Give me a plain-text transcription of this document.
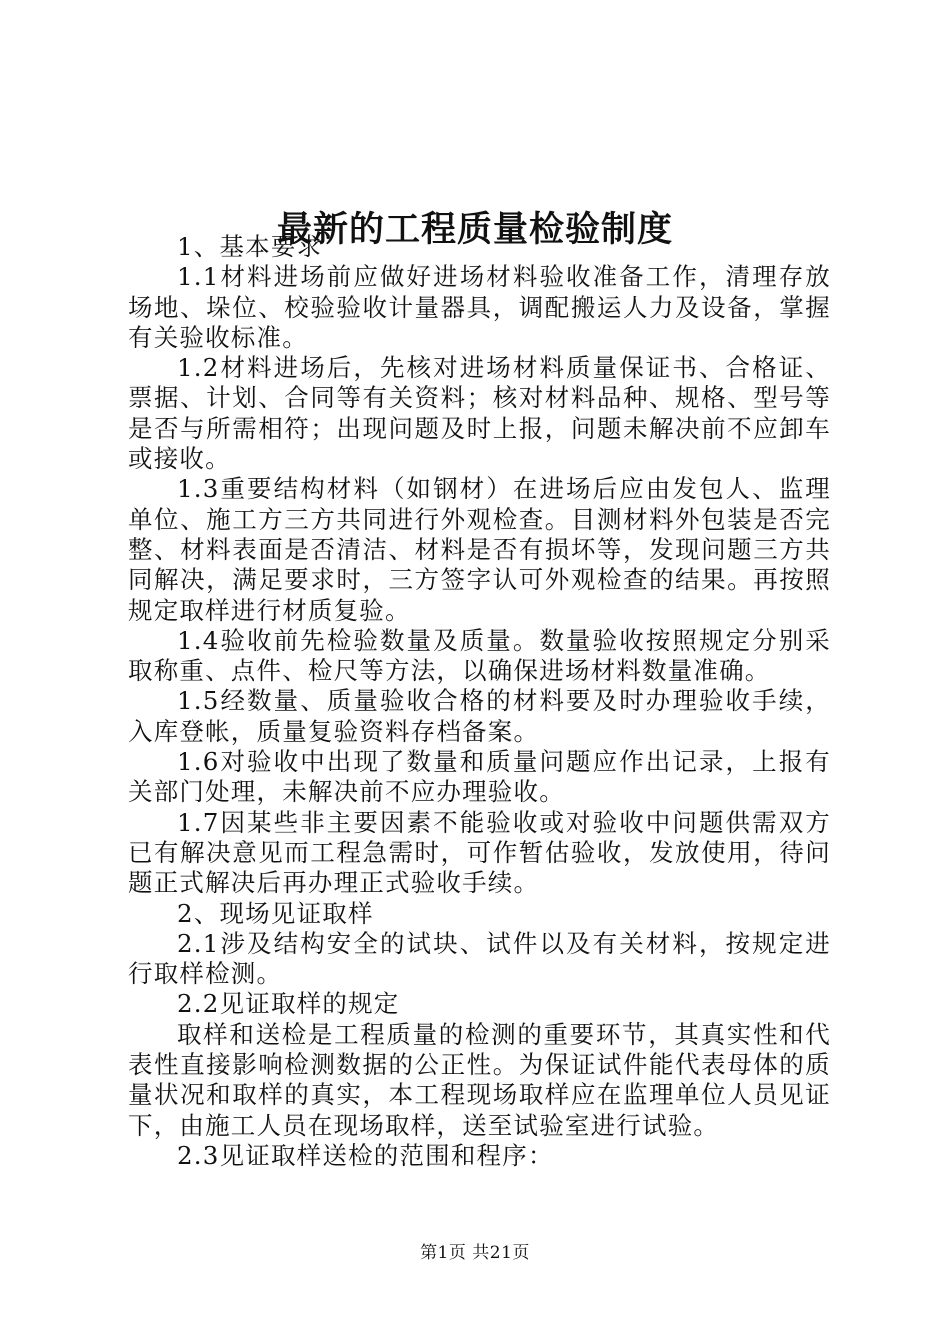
最新的工程质量检验制度

1、基本要求

1.1材料进场前应做好进场材料验收准备工作，清理存放场地、垛位、校验验收计量器具，调配搬运人力及设备，掌握有关验收标准。

1.2材料进场后，先核对进场材料质量保证书、合格证、票据、计划、合同等有关资料；核对材料品种、规格、型号等是否与所需相符；出现问题及时上报，问题未解决前不应卸车或接收。

1.3重要结构材料（如钢材）在进场后应由发包人、监理单位、施工方三方共同进行外观检查。目测材料外包装是否完整、材料表面是否清洁、材料是否有损坏等，发现问题三方共同解决，满足要求时，三方签字认可外观检查的结果。再按照规定取样进行材质复验。

1.4验收前先检验数量及质量。数量验收按照规定分别采取称重、点件、检尺等方法，以确保进场材料数量准确。

1.5经数量、质量验收合格的材料要及时办理验收手续，入库登帐，质量复验资料存档备案。

1.6对验收中出现了数量和质量问题应作出记录，上报有关部门处理，未解决前不应办理验收。

1.7因某些非主要因素不能验收或对验收中问题供需双方已有解决意见而工程急需时，可作暂估验收，发放使用，待问题正式解决后再办理正式验收手续。

2、现场见证取样

2.1涉及结构安全的试块、试件以及有关材料，按规定进行取样检测。

2.2见证取样的规定

取样和送检是工程质量的检测的重要环节，其真实性和代表性直接影响检测数据的公正性。为保证试件能代表母体的质量状况和取样的真实，本工程现场取样应在监理单位人员见证下，由施工人员在现场取样，送至试验室进行试验。

2.3见证取样送检的范围和程序：

第1页 共21页
